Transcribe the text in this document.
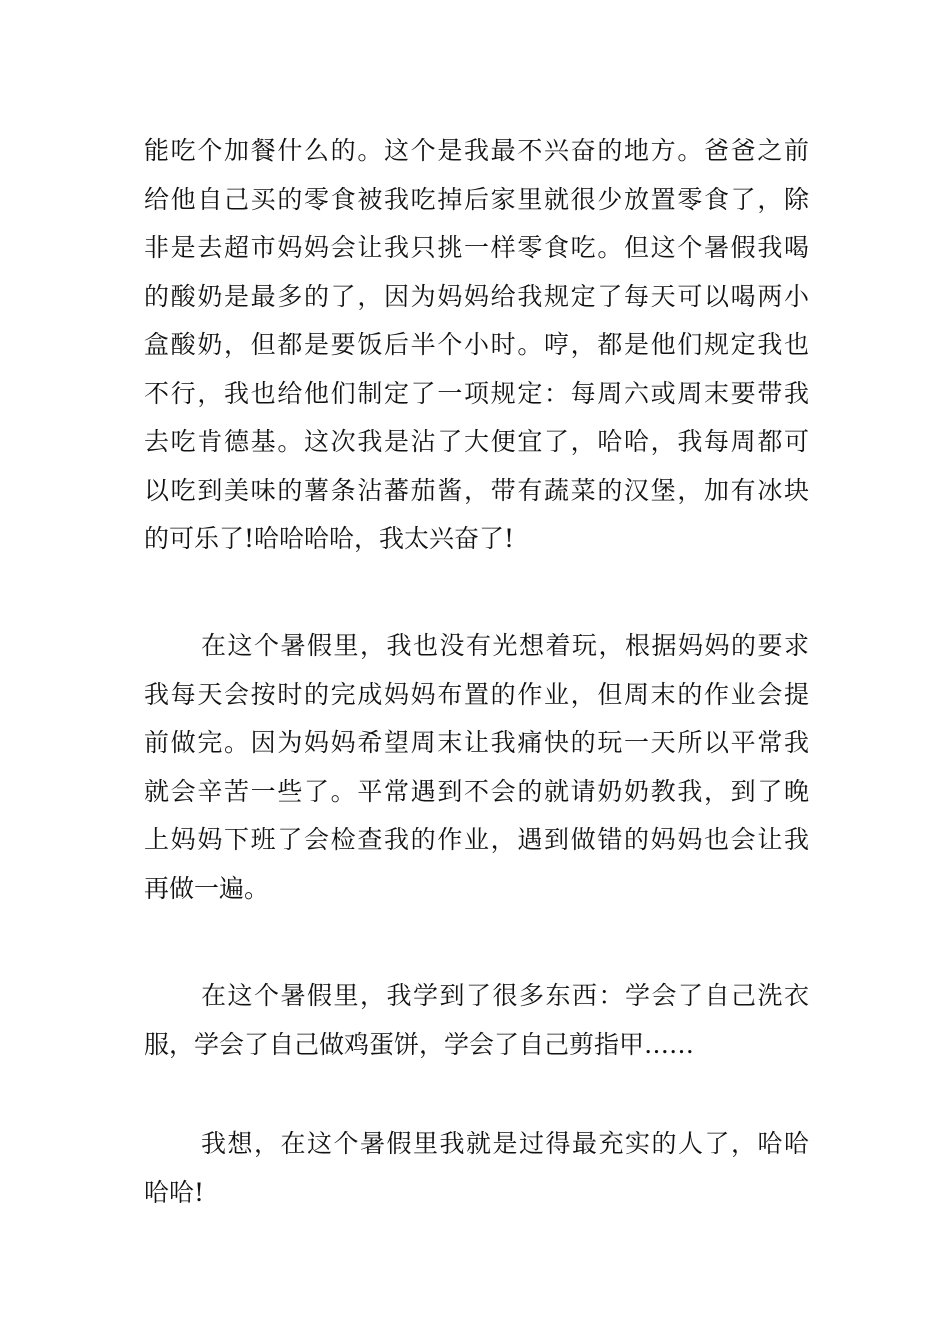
能吃个加餐什么的。这个是我最不兴奋的地方。爸爸之前
给他自己买的零食被我吃掉后家里就很少放置零食了，除
非是去超市妈妈会让我只挑一样零食吃。但这个暑假我喝
的酸奶是最多的了，因为妈妈给我规定了每天可以喝两小
盒酸奶，但都是要饭后半个小时。哼，都是他们规定我也
不行，我也给他们制定了一项规定：每周六或周末要带我
去吃肯德基。这次我是沾了大便宜了，哈哈，我每周都可
以吃到美味的薯条沾蕃茄酱，带有蔬菜的汉堡，加有冰块
的可乐了!哈哈哈哈，我太兴奋了!
在这个暑假里，我也没有光想着玩，根据妈妈的要求
我每天会按时的完成妈妈布置的作业，但周末的作业会提
前做完。因为妈妈希望周末让我痛快的玩一天所以平常我
就会辛苦一些了。平常遇到不会的就请奶奶教我，到了晚
上妈妈下班了会检查我的作业，遇到做错的妈妈也会让我
再做一遍。
在这个暑假里，我学到了很多东西：学会了自己洗衣
服，学会了自己做鸡蛋饼，学会了自己剪指甲……
我想，在这个暑假里我就是过得最充实的人了，哈哈
哈哈!
